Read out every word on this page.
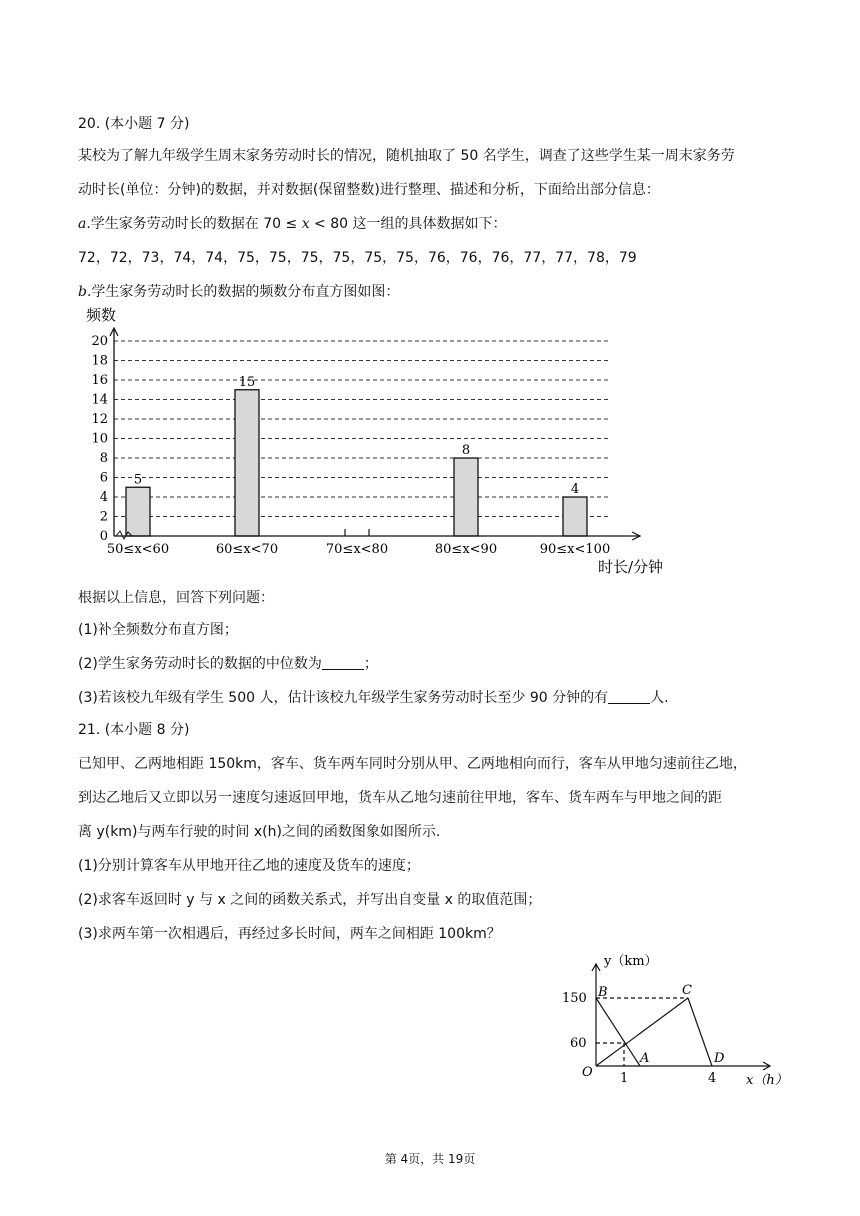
20. (本小题 7 分)
某校为了解九年级学生周末家务劳动时长的情况，随机抽取了 50 名学生，调查了这些学生某一周末家务劳
动时长(单位：分钟)的数据，并对数据(保留整数)进行整理、描述和分析，下面给出部分信息：
a.学生家务劳动时长的数据在 70 ≤ x < 80 这一组的具体数据如下：
72，72，73，74，74，75，75，75，75，75，75，76，76，76，77，77，78，79
b.学生家务劳动时长的数据的频数分布直方图如图：
0
2
4
6
8
10
12
14
16
18
20
频数
时长/分钟
5
50≤x<60
15
60≤x<70	70≤x<80
8
80≤x<90
4
90≤x<100
根据以上信息，回答下列问题：
(1)补全频数分布直方图；
(2)学生家务劳动时长的数据的中位数为	；
(3)若该校九年级有学生 500 人，估计该校九年级学生家务劳动时长至少 90 分钟的有	人.
21. (本小题 8 分)
已知甲、乙两地相距 150km，客车、货车两车同时分别从甲、乙两地相向而行，客车从甲地匀速前往乙地，
到达乙地后又立即以另一速度匀速返回甲地，货车从乙地匀速前往甲地，客车、货车两车与甲地之间的距
离 y(km)与两车行驶的时间 x(h)之间的函数图象如图所示.
(1)分别计算客车从甲地开往乙地的速度及货车的速度；
(2)求客车返回时 y 与 x 之间的函数关系式，并写出自变量 x 的取值范围；
(3)求两车第一次相遇后，再经过多长时间，两车之间相距 100km？
y（km）
x（h）
O
150
60
1	4
B	C
A	D
第 4页，共 19页
